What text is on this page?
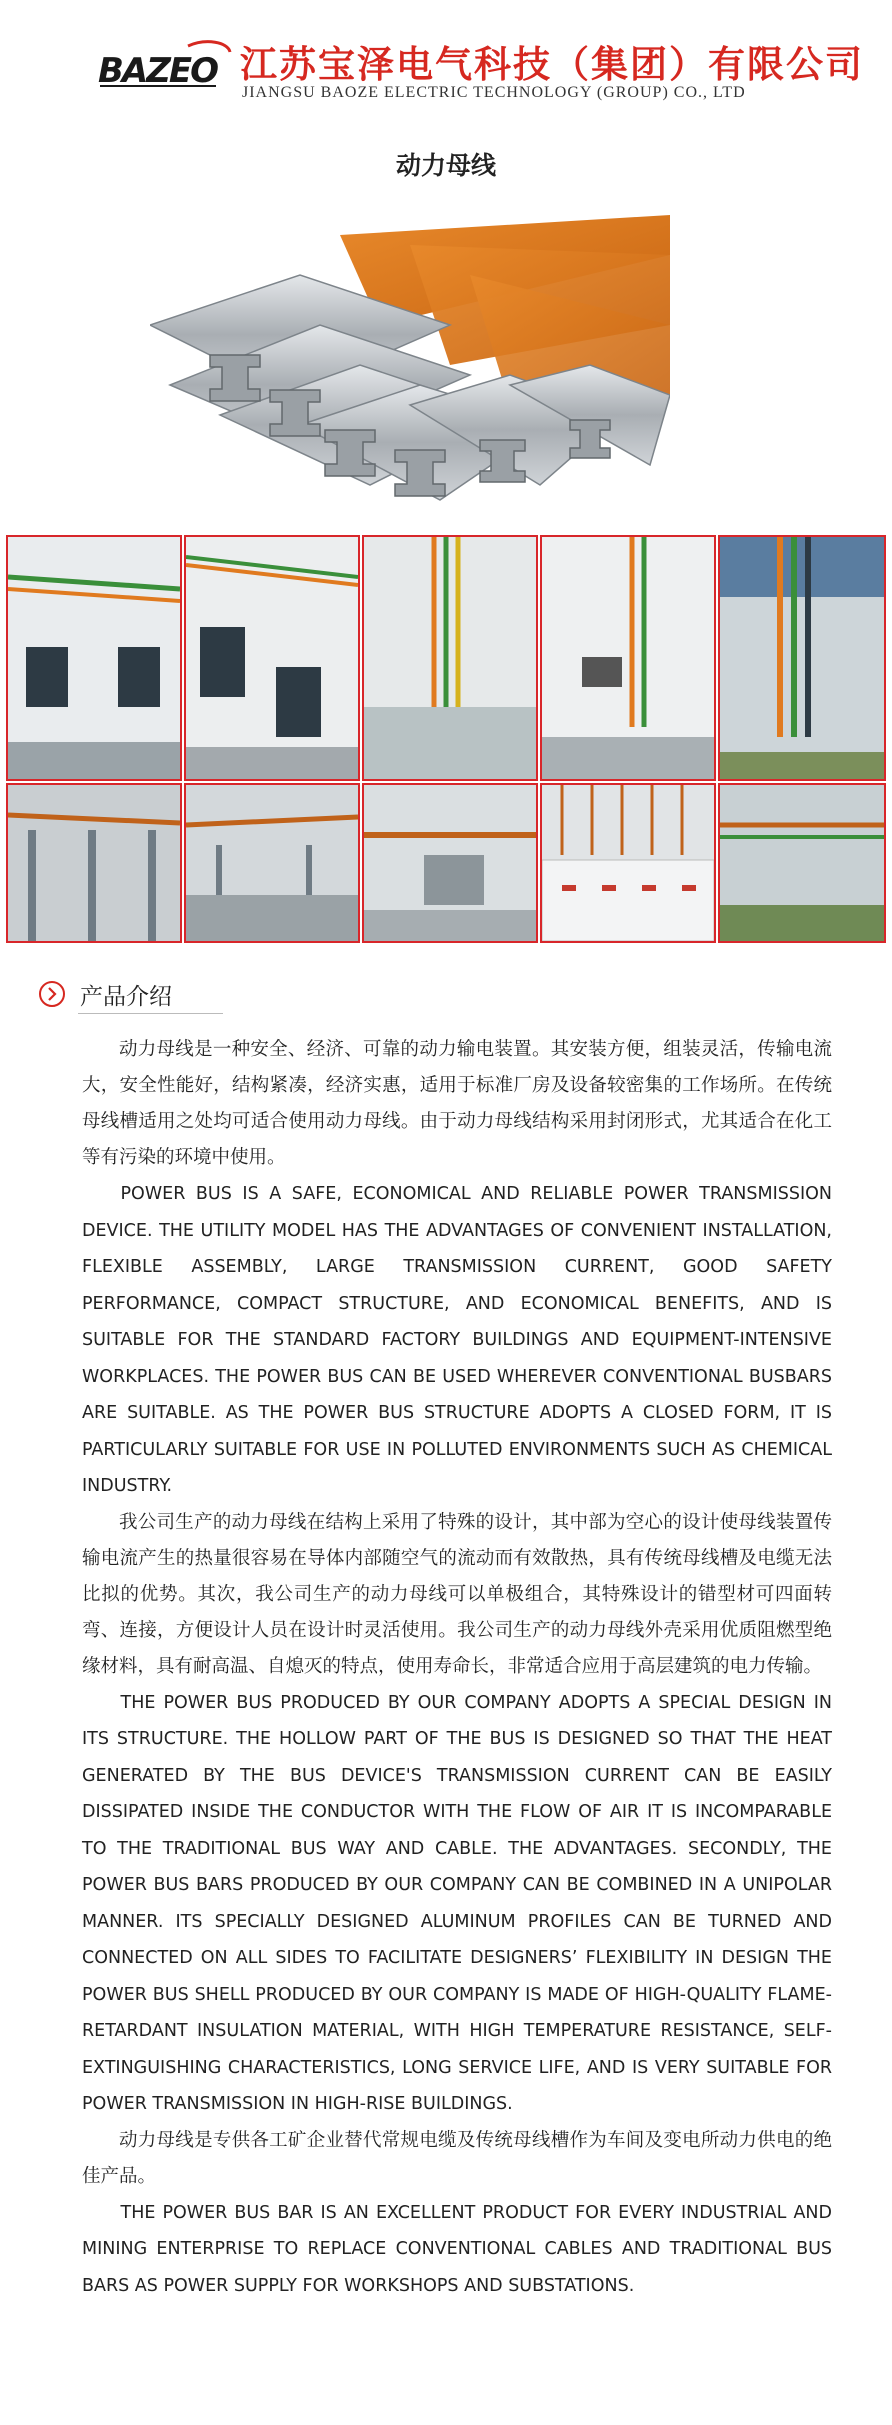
BAZEO 江苏宝泽电气科技（集团）有限公司
JIANGSU BAOZE ELECTRIC TECHNOLOGY (GROUP) CO., LTD
动力母线
产品介绍

动力母线是一种安全、经济、可靠的动力输电装置。其安装方便，组装灵活，传输电流大，安全性能好，结构紧凑，经济实惠，适用于标准厂房及设备较密集的工作场所。在传统母线槽适用之处均可适合使用动力母线。由于动力母线结构采用封闭形式，尤其适合在化工等有污染的环境中使用。

POWER BUS IS A SAFE, ECONOMICAL AND RELIABLE POWER TRANSMISSION DEVICE. THE UTILITY MODEL HAS THE ADVANTAGES OF CONVENIENT INSTALLATION, FLEXIBLE ASSEMBLY, LARGE TRANSMISSION CURRENT, GOOD SAFETY PERFORMANCE, COMPACT STRUCTURE, AND ECONOMICAL BENEFITS, AND IS SUITABLE FOR THE STANDARD FACTORY BUILDINGS AND EQUIPMENT-INTENSIVE WORKPLACES. THE POWER BUS CAN BE USED WHEREVER CONVENTIONAL BUSBARS ARE SUITABLE. AS THE POWER BUS STRUCTURE ADOPTS A CLOSED FORM, IT IS PARTICULARLY SUITABLE FOR USE IN POLLUTED ENVIRONMENTS SUCH AS CHEMICAL INDUSTRY.

我公司生产的动力母线在结构上采用了特殊的设计，其中部为空心的设计使母线装置传输电流产生的热量很容易在导体内部随空气的流动而有效散热，具有传统母线槽及电缆无法比拟的优势。其次，我公司生产的动力母线可以单极组合，其特殊设计的错型材可四面转弯、连接，方便设计人员在设计时灵活使用。我公司生产的动力母线外壳采用优质阻燃型绝缘材料，具有耐高温、自熄灭的特点，使用寿命长，非常适合应用于高层建筑的电力传输。

THE POWER BUS PRODUCED BY OUR COMPANY ADOPTS A SPECIAL DESIGN IN ITS STRUCTURE. THE HOLLOW PART OF THE BUS IS DESIGNED SO THAT THE HEAT GENERATED BY THE BUS DEVICE'S TRANSMISSION CURRENT CAN BE EASILY DISSIPATED INSIDE THE CONDUCTOR WITH THE FLOW OF AIR IT IS INCOMPARABLE TO THE TRADITIONAL BUS WAY AND CABLE. THE ADVANTAGES. SECONDLY, THE POWER BUS BARS PRODUCED BY OUR COMPANY CAN BE COMBINED IN A UNIPOLAR MANNER. ITS SPECIALLY DESIGNED ALUMINUM PROFILES CAN BE TURNED AND CONNECTED ON ALL SIDES TO FACILITATE DESIGNERS’ FLEXIBILITY IN DESIGN THE POWER BUS SHELL PRODUCED BY OUR COMPANY IS MADE OF HIGH-QUALITY FLAME-RETARDANT INSULATION MATERIAL, WITH HIGH TEMPERATURE RESISTANCE, SELF-EXTINGUISHING CHARACTERISTICS, LONG SERVICE LIFE, AND IS VERY SUITABLE FOR POWER TRANSMISSION IN HIGH-RISE BUILDINGS.

动力母线是专供各工矿企业替代常规电缆及传统母线槽作为车间及变电所动力供电的绝佳产品。

THE POWER BUS BAR IS AN EXCELLENT PRODUCT FOR EVERY INDUSTRIAL AND MINING ENTERPRISE TO REPLACE CONVENTIONAL CABLES AND TRADITIONAL BUS BARS AS POWER SUPPLY FOR WORKSHOPS AND SUBSTATIONS.
